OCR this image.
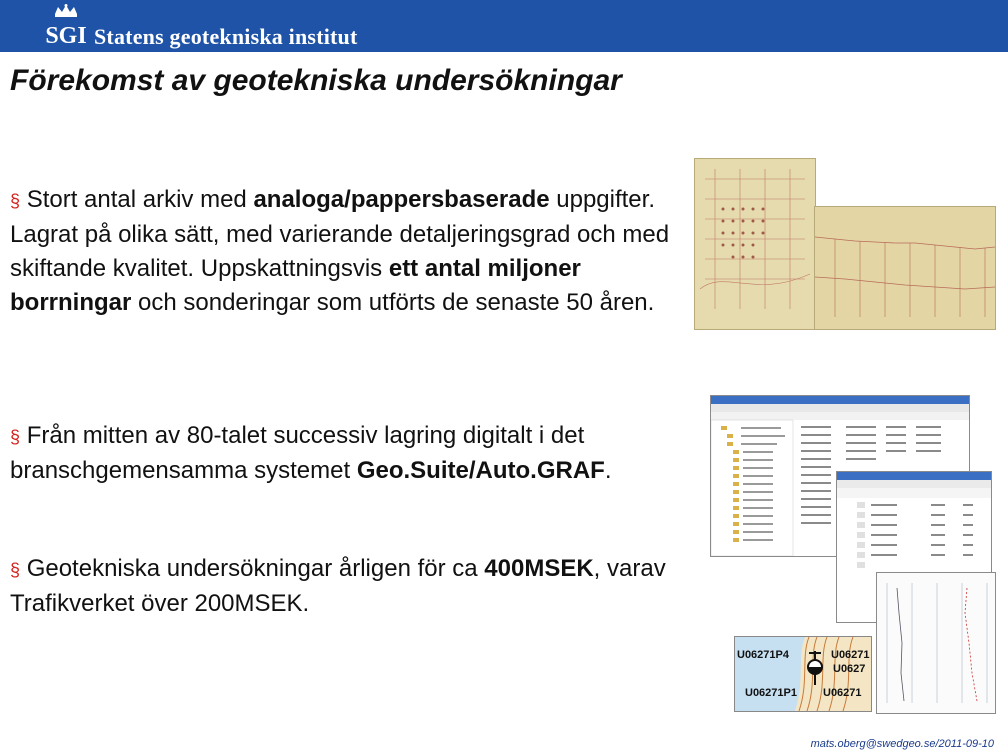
SGI Statens geotekniska institut
Förekomst av geotekniska undersökningar
§ Stort antal arkiv med analoga/pappersbaserade uppgifter. Lagrat på olika sätt, med varierande detaljeringsgrad och med skiftande kvalitet. Uppskattningsvis ett antal miljoner borrningar och sonderingar som utförts de senaste 50 åren.
§ Från mitten av 80-talet successiv lagring digitalt i det branschgemensamma systemet Geo.Suite/Auto.GRAF.
§ Geotekniska undersökningar årligen för ca 400MSEK, varav Trafikverket över 200MSEK.
U06271P4	U06271
U0627
U06271P1 U06271
mats.oberg@swedgeo.se/2011-09-10
